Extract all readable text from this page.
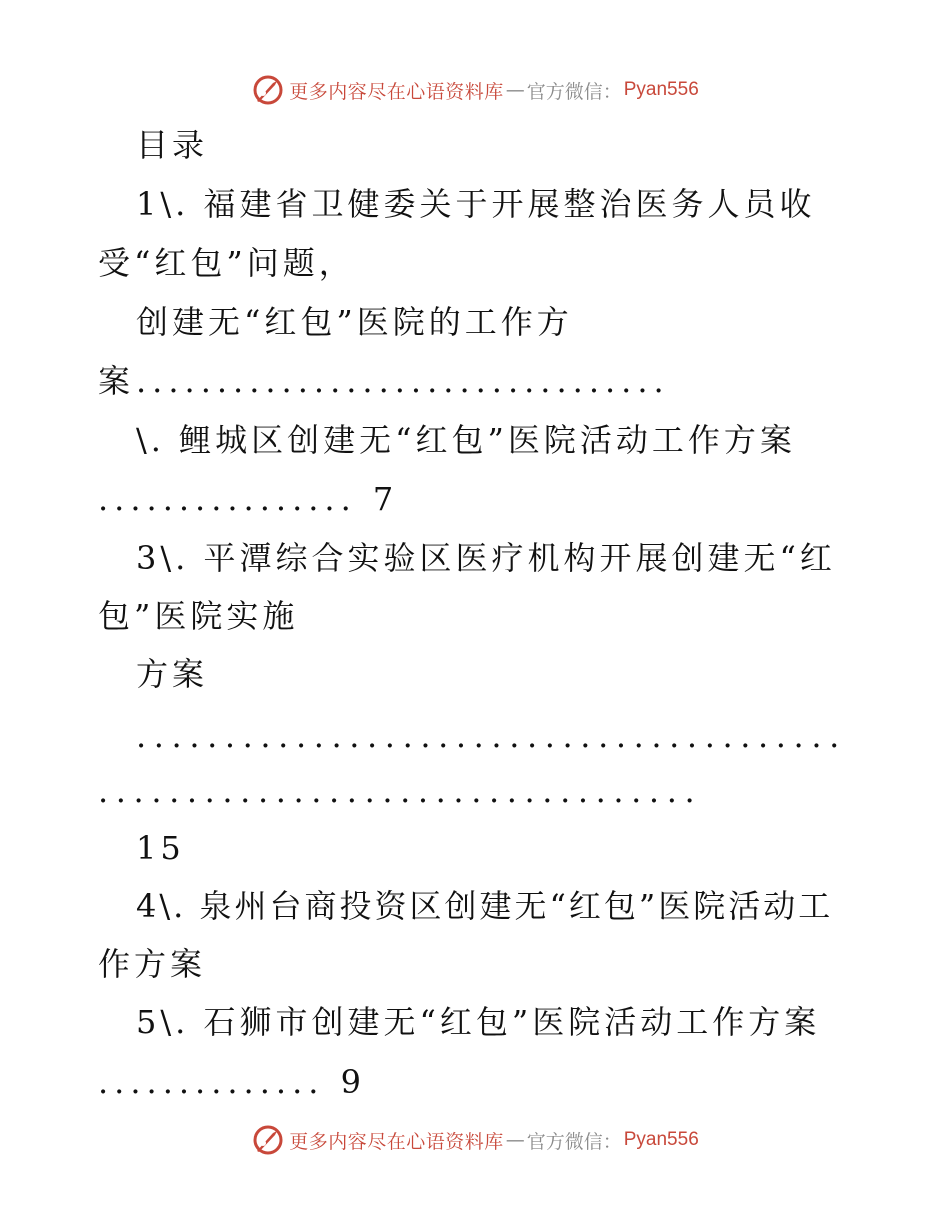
更多内容尽在心语资料库 — 官方微信： Pyan556
目录
1\. 福建省卫健委关于开展整治医务人员收
受“红包”问题，
创建无“红包”医院的工作方
案.................................
\. 鲤城区创建无“红包”医院活动工作方案
................ 7
3\. 平潭综合实验区医疗机构开展创建无“红
包”医院实施
方案
........................................
..................................
15
4\. 泉州台商投资区创建无“红包”医院活动工
作方案
5\. 石狮市创建无“红包”医院活动工作方案
.............. 9
更多内容尽在心语资料库 — 官方微信： Pyan556
